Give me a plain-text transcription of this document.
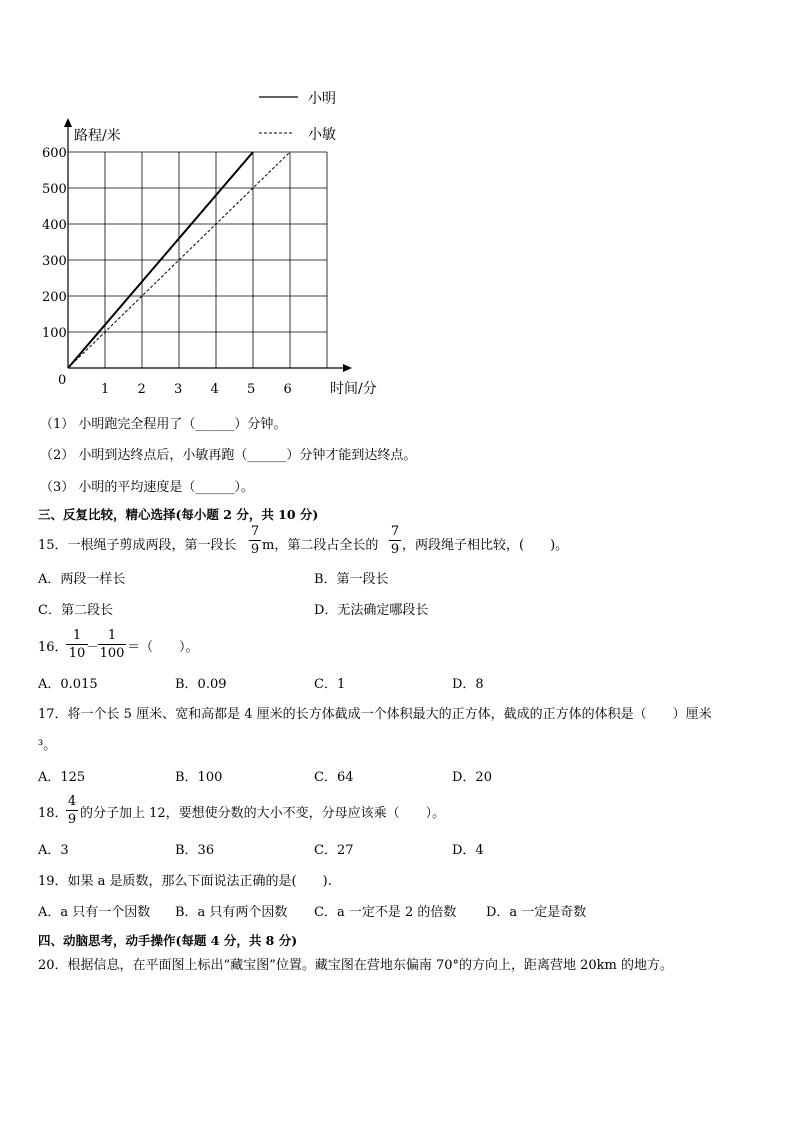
1 2 3 4 5 6
100
200
300
400
500
600
路程/米
时间/分
0
小明
小敏
（1） 小明跑完全程用了（______）分钟。
（2） 小明到达终点后，小敏再跑（______）分钟才能到达终点。
（3） 小明的平均速度是（______）。
三、反复比较，精心选择(每小题 2 分，共 10 分)
15．一根绳子剪成两段，第一段长
7
9 m，第二段占全长的
7
9 ，两段绳子相比较，(　　)。
A．两段一样长	B．第一段长
C．第二段长	D．无法确定哪段长
16．
1
10 －
1
100 ＝（　　）。
A．0.015	B．0.09	C．1	D．8
17．将一个长 5 厘米、宽和高都是 4 厘米的长方体截成一个体积最大的正方体，截成的正方体的体积是（　　）厘米
³。
A．125	B．100	C．64	D．20
18．
4
9 的分子加上 12，要想使分数的大小不变，分母应该乘（　　）。
A．3	B．36	C．27	D．4
19．如果 a 是质数，那么下面说法正确的是(　　).
A．a 只有一个因数 B．a 只有两个因数 C．a 一定不是 2 的倍数 D．a 一定是奇数
四、动脑思考，动手操作(每题 4 分，共 8 分)
20．根据信息，在平面图上标出“藏宝图”位置。藏宝图在营地东偏南 70°的方向上，距离营地 20km 的地方。
